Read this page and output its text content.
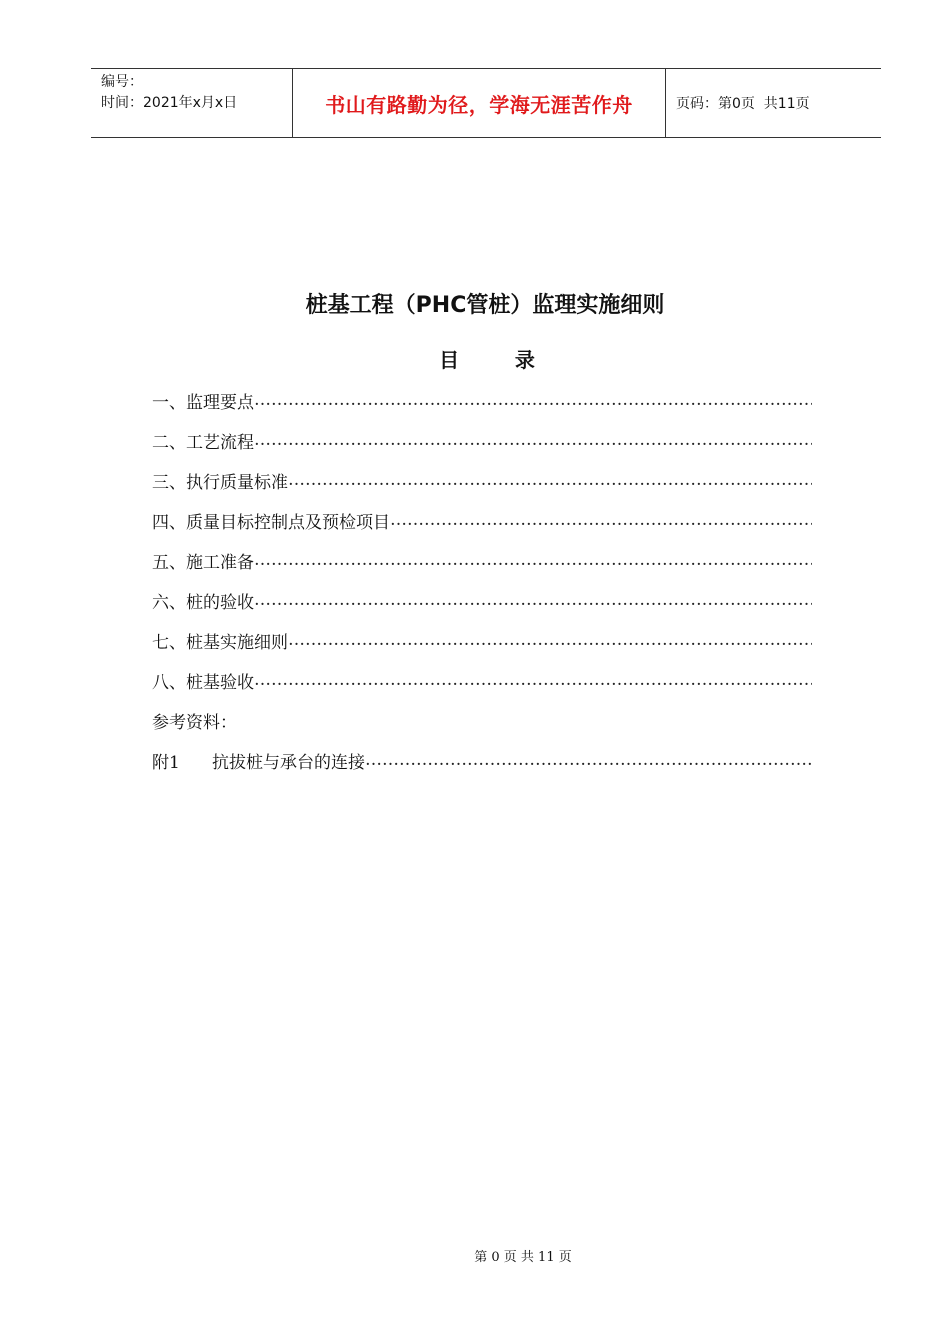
编号：
时间：2021年x月x日	书山有路勤为径，学海无涯苦作舟	页码：第0页  共11页
桩基工程（PHC管桩）监理实施细则
目        录
一、监理要点
……………………………………………………………………………………………………………………………………………………………………………………
二、工艺流程
……………………………………………………………………………………………………………………………………………………………………………………
三、执行质量标准
……………………………………………………………………………………………………………………………………………………………………………………
四、质量目标控制点及预检项目
……………………………………………………………………………………………………………………………………………………………………………………
五、施工准备
……………………………………………………………………………………………………………………………………………………………………………………
六、桩的验收
……………………………………………………………………………………………………………………………………………………………………………………
七、桩基实施细则
……………………………………………………………………………………………………………………………………………………………………………………
八、桩基验收
……………………………………………………………………………………………………………………………………………………………………………………
参考资料：
附1 抗拔桩与承台的连接
……………………………………………………………………………………………………………………………………………………………………………………
第 0 页 共 11 页
